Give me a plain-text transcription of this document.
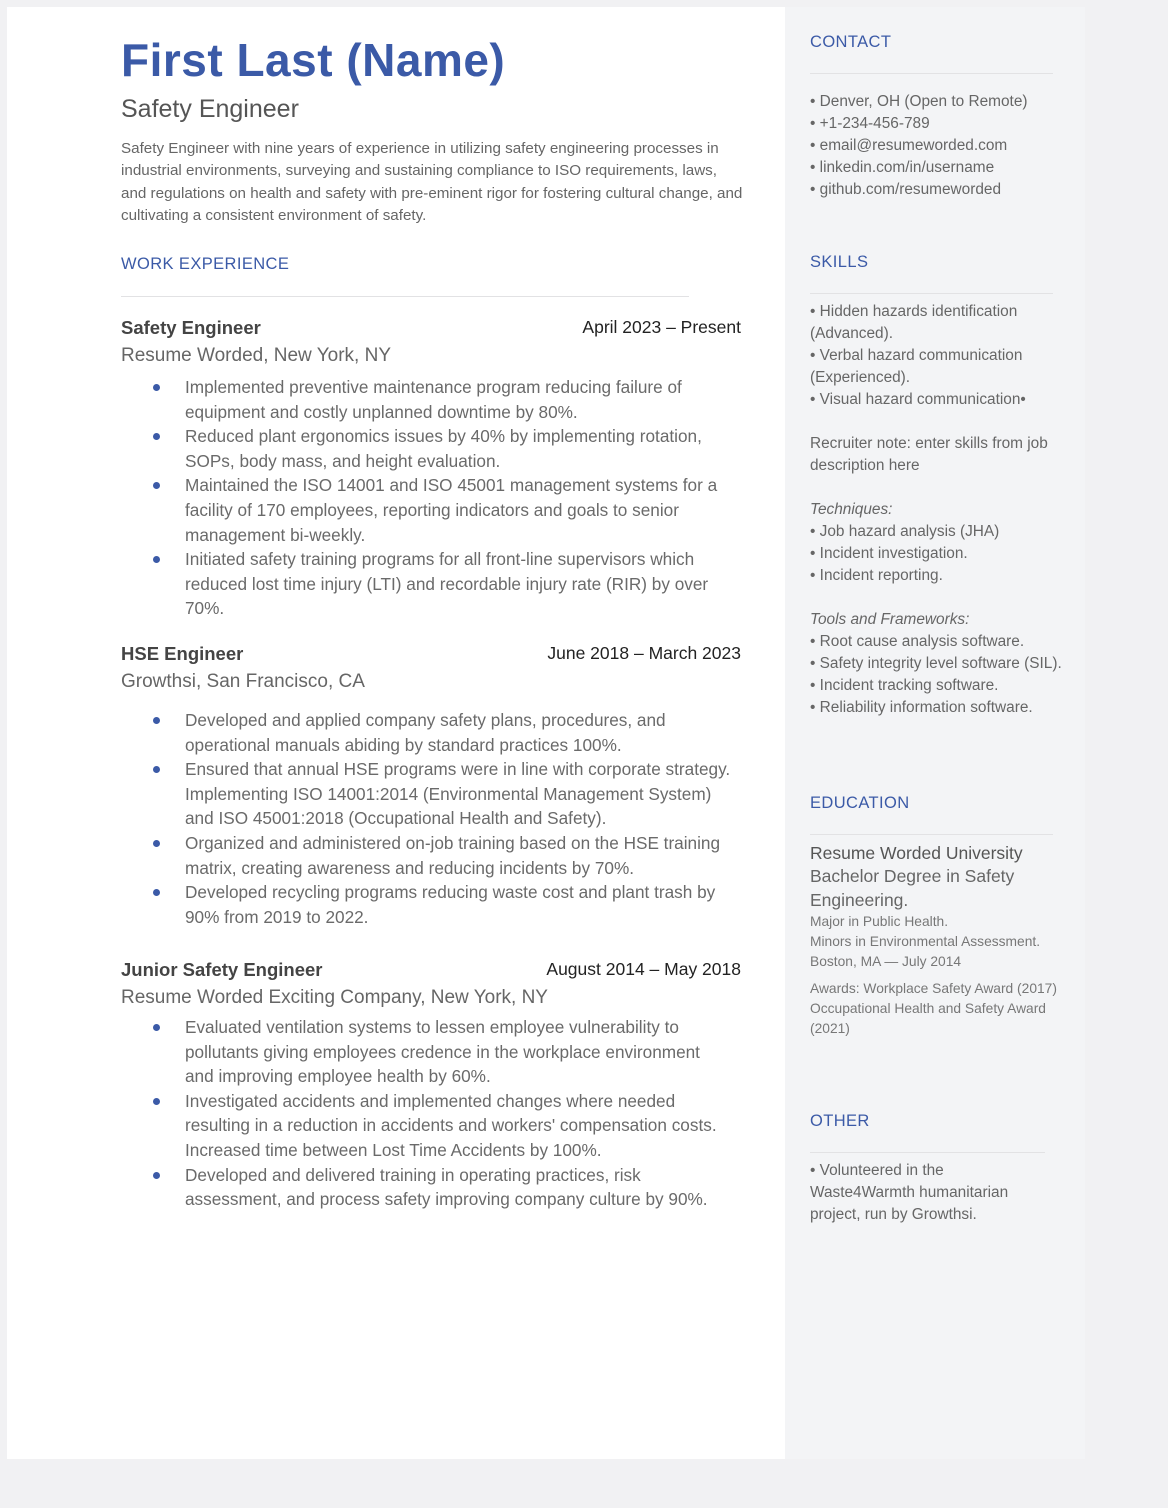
First Last (Name)
Safety Engineer
Safety Engineer with nine years of experience in utilizing safety engineering processes in industrial environments, surveying and sustaining compliance to ISO requirements, laws, and regulations on health and safety with pre-eminent rigor for fostering cultural change, and cultivating a consistent environment of safety.
WORK EXPERIENCE
Safety Engineer	April 2023 – Present
Resume Worded, New York, NY
Implemented preventive maintenance program reducing failure of equipment and costly unplanned downtime by 80%.
Reduced plant ergonomics issues by 40% by implementing rotation, SOPs, body mass, and height evaluation.
Maintained the ISO 14001 and ISO 45001 management systems for a facility of 170 employees, reporting indicators and goals to senior management bi-weekly.
Initiated safety training programs for all front-line supervisors which reduced lost time injury (LTI) and recordable injury rate (RIR) by over 70%.
HSE Engineer	June 2018 – March 2023
Growthsi, San Francisco, CA
Developed and applied company safety plans, procedures, and operational manuals abiding by standard practices 100%.
Ensured that annual HSE programs were in line with corporate strategy. Implementing ISO 14001:2014 (Environmental Management System) and ISO 45001:2018 (Occupational Health and Safety).
Organized and administered on-job training based on the HSE training matrix, creating awareness and reducing incidents by 70%.
Developed recycling programs reducing waste cost and plant trash by 90% from 2019 to 2022.
Junior Safety Engineer	August 2014 – May 2018
Resume Worded Exciting Company, New York, NY
Evaluated ventilation systems to lessen employee vulnerability to pollutants giving employees credence in the workplace environment and improving employee health by 60%.
Investigated accidents and implemented changes where needed resulting in a reduction in accidents and workers' compensation costs. Increased time between Lost Time Accidents by 100%.
Developed and delivered training in operating practices, risk assessment, and process safety improving company culture by 90%.
CONTACT
• Denver, OH (Open to Remote)
• +1-234-456-789
• email@resumeworded.com
• linkedin.com/in/username
• github.com/resumeworded
SKILLS
• Hidden hazards identification (Advanced).
• Verbal hazard communication (Experienced).
• Visual hazard communication•
Recruiter note: enter skills from job description here
Techniques:
• Job hazard analysis (JHA)
• Incident investigation.
• Incident reporting.
Tools and Frameworks:
• Root cause analysis software.
• Safety integrity level software (SIL).
• Incident tracking software.
• Reliability information software.
EDUCATION
Resume Worded University
Bachelor Degree in Safety Engineering.
Major in Public Health.
Minors in Environmental Assessment.
Boston, MA — July 2014
Awards: Workplace Safety Award (2017)
Occupational Health and Safety Award (2021)
OTHER
• Volunteered in the Waste4Warmth humanitarian project, run by Growthsi.
